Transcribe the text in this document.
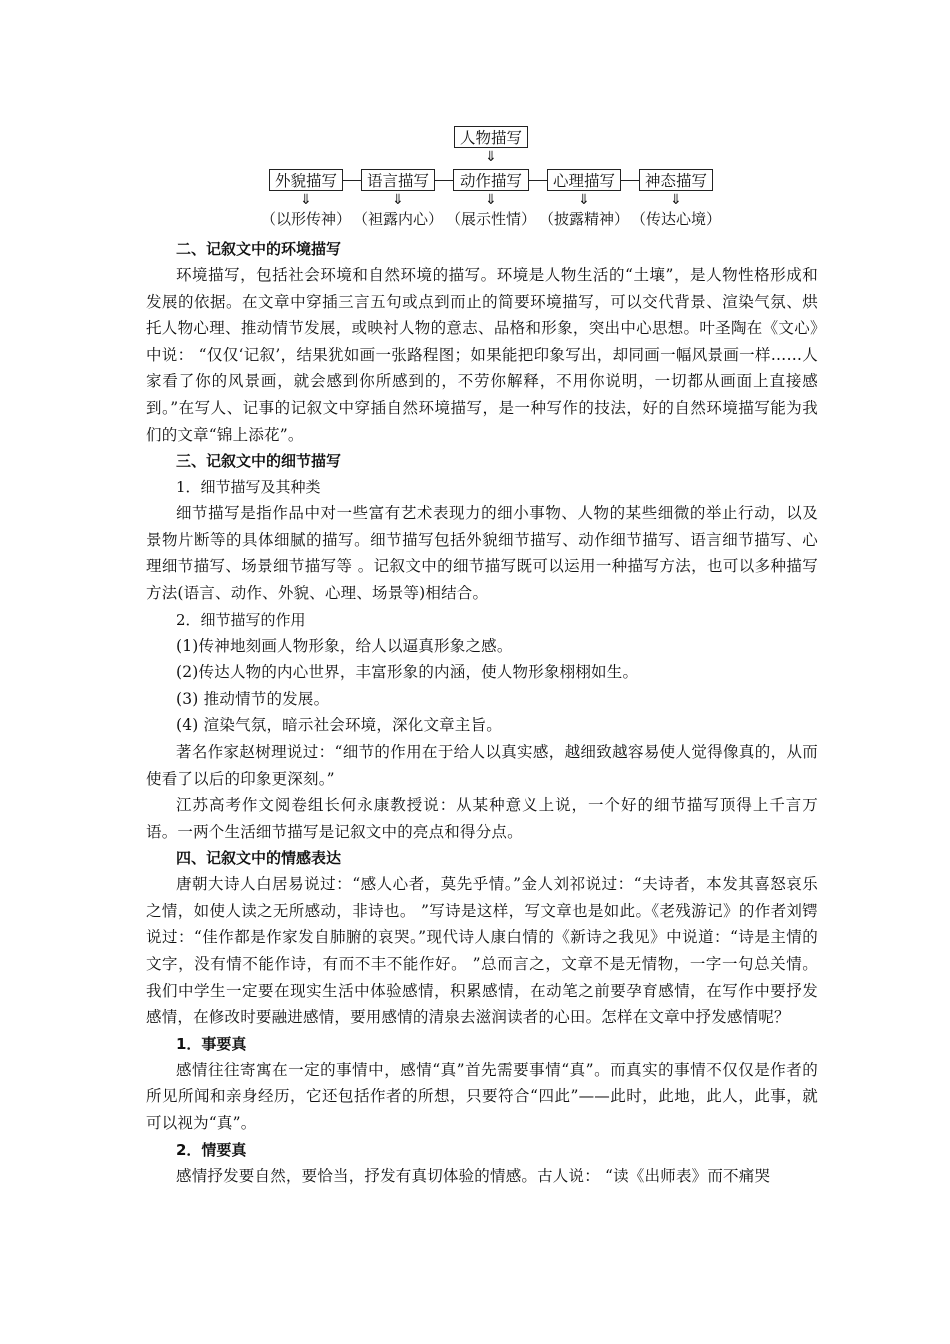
人物描写
⇓
外貌描写	语言描写	动作描写	心理描写	神态描写
⇓	⇓	⇓	⇓	⇓
（以形传神） （袒露内心） （展示性情） （披露精神） （传达心境）
二、记叙文中的环境描写

环境描写，包括社会环境和自然环境的描写。环境是人物生活的“土壤”，是人物性格形成和发展的依据。在文章中穿插三言五句或点到而止的简要环境描写，可以交代背景、渲染气氛、烘托人物心理、推动情节发展，或映衬人物的意志、品格和形象，突出中心思想。叶圣陶在《文心》中说： “仅仅‘记叙’，结果犹如画一张路程图；如果能把印象写出，却同画一幅风景画一样……人家看了你的风景画，就会感到你所感到的，不劳你解释，不用你说明，一切都从画面上直接感到。”在写人、记事的记叙文中穿插自然环境描写，是一种写作的技法，好的自然环境描写能为我们的文章“锦上添花”。

三、记叙文中的细节描写
1．细节描写及其种类

细节描写是指作品中对一些富有艺术表现力的细小事物、人物的某些细微的举止行动，以及景物片断等的具体细腻的描写。细节描写包括外貌细节描写、动作细节描写、语言细节描写、心理细节描写、场景细节描写等 。记叙文中的细节描写既可以运用一种描写方法，也可以多种描写方法(语言、动作、外貌、心理、场景等)相结合。

2．细节描写的作用

(1)传神地刻画人物形象，给人以逼真形象之感。

(2)传达人物的内心世界，丰富形象的内涵，使人物形象栩栩如生。

(3) 推动情节的发展。

(4) 渲染气氛，暗示社会环境，深化文章主旨。

著名作家赵树理说过：“细节的作用在于给人以真实感，越细致越容易使人觉得像真的，从而使看了以后的印象更深刻。”

江苏高考作文阅卷组长何永康教授说：从某种意义上说，一个好的细节描写顶得上千言万语。一两个生活细节描写是记叙文中的亮点和得分点。

四、记叙文中的情感表达

唐朝大诗人白居易说过：“感人心者，莫先乎情。”金人刘祁说过：“夫诗者，本发其喜怒哀乐之情，如使人读之无所感动，非诗也。 ”写诗是这样，写文章也是如此。《老残游记》的作者刘锷说过：“佳作都是作家发自肺腑的哀哭。”现代诗人康白情的《新诗之我见》中说道：“诗是主情的文字，没有情不能作诗，有而不丰不能作好。 ”总而言之，文章不是无情物，一字一句总关情。我们中学生一定要在现实生活中体验感情，积累感情，在动笔之前要孕育感情，在写作中要抒发感情，在修改时要融进感情，要用感情的清泉去滋润读者的心田。怎样在文章中抒发感情呢？

1．事要真

感情往往寄寓在一定的事情中，感情“真”首先需要事情“真”。而真实的事情不仅仅是作者的所见所闻和亲身经历，它还包括作者的所想，只要符合“四此”——此时，此地，此人，此事，就可以视为“真”。

2．情要真

感情抒发要自然，要恰当，抒发有真切体验的情感。古人说： “读《出师表》而不痛哭
